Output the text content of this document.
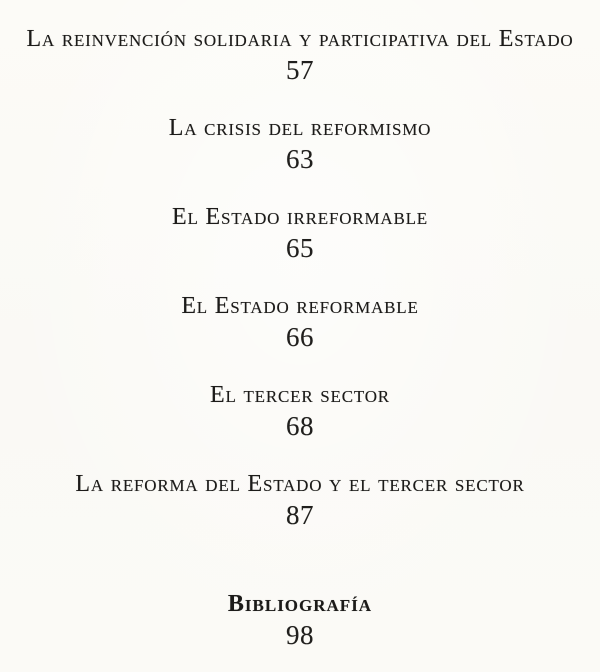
La reinvención solidaria y participativa del Estado
57
La crisis del reformismo
63
El Estado irreformable
65
El Estado reformable
66
El tercer sector
68
La reforma del Estado y el tercer sector
87
Bibliografía
98
